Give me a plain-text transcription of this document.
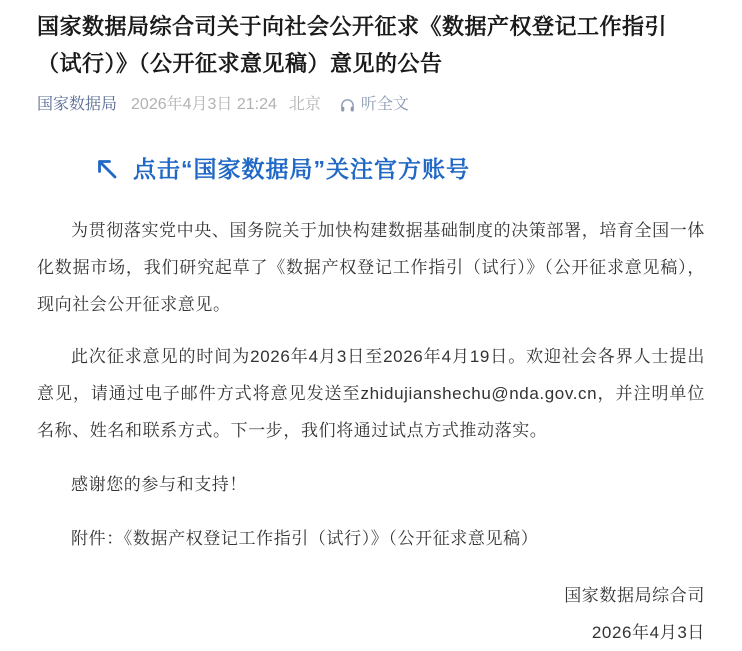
国家数据局综合司关于向社会公开征求《数据产权登记工作指引（试行）》（公开征求意见稿）意见的公告
国家数据局 2026年4月3日 21:24 北京	听全文
点击“国家数据局”关注官方账号

为贯彻落实党中央、国务院关于加快构建数据基础制度的决策部署，培育全国一体化数据市场，我们研究起草了《数据产权登记工作指引（试行）》（公开征求意见稿），现向社会公开征求意见。

此次征求意见的时间为2026年4月3日至2026年4月19日。欢迎社会各界人士提出意见，请通过电子邮件方式将意见发送至zhidujianshechu@nda.gov.cn，并注明单位名称、姓名和联系方式。下一步，我们将通过试点方式推动落实。

感谢您的参与和支持！

附件：《数据产权登记工作指引（试行）》（公开征求意见稿）

国家数据局综合司

2026年4月3日
